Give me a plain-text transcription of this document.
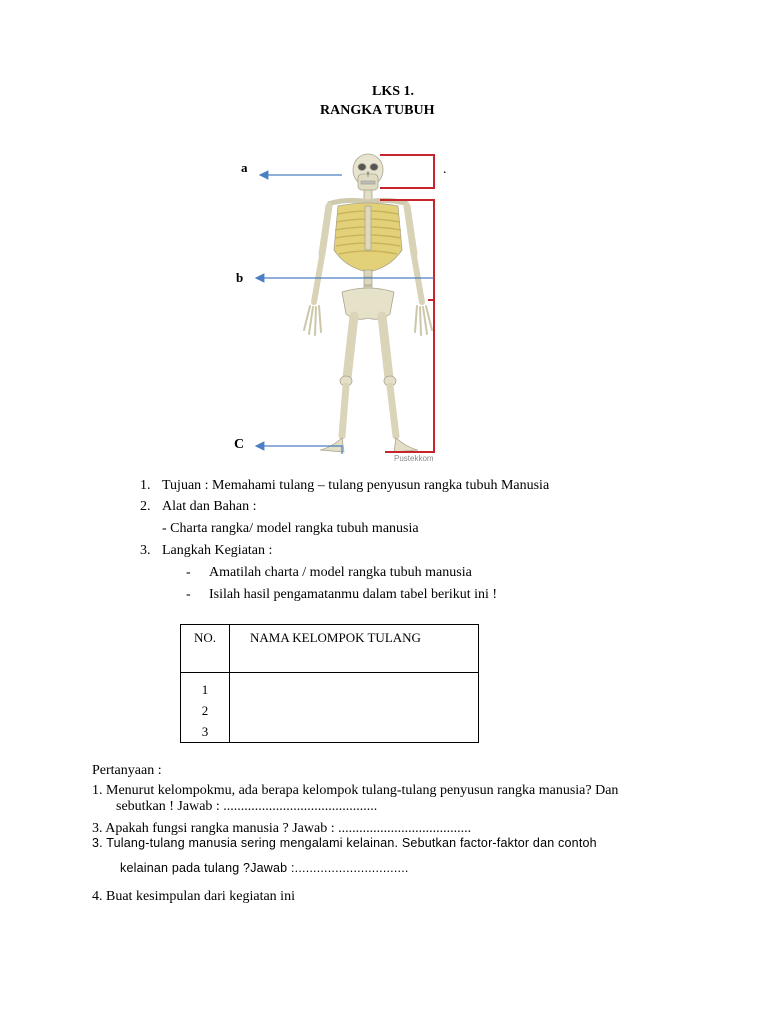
LKS 1.
RANGKA TUBUH
a
b
C
.
Pustekkom
1. Tujuan : Memahami tulang – tulang penyusun rangka tubuh Manusia
2. Alat dan Bahan :
- Charta rangka/ model rangka tubuh manusia
3. Langkah Kegiatan :
- Amatilah charta / model rangka tubuh manusia
- Isilah hasil pengamatanmu dalam tabel berikut ini !
NO.	NAMA KELOMPOK TULANG

1
2
3	

Pertanyaan :
1. Menurut kelompokmu, ada berapa kelompok tulang-tulang penyusun rangka manusia? Dan
sebutkan ! Jawab : ............................................
3. Apakah fungsi rangka manusia ? Jawab : ......................................
3. Tulang-tulang manusia sering mengalami kelainan. Sebutkan factor-faktor dan contoh
kelainan pada tulang ?Jawab :...............................
4. Buat kesimpulan dari kegiatan ini
